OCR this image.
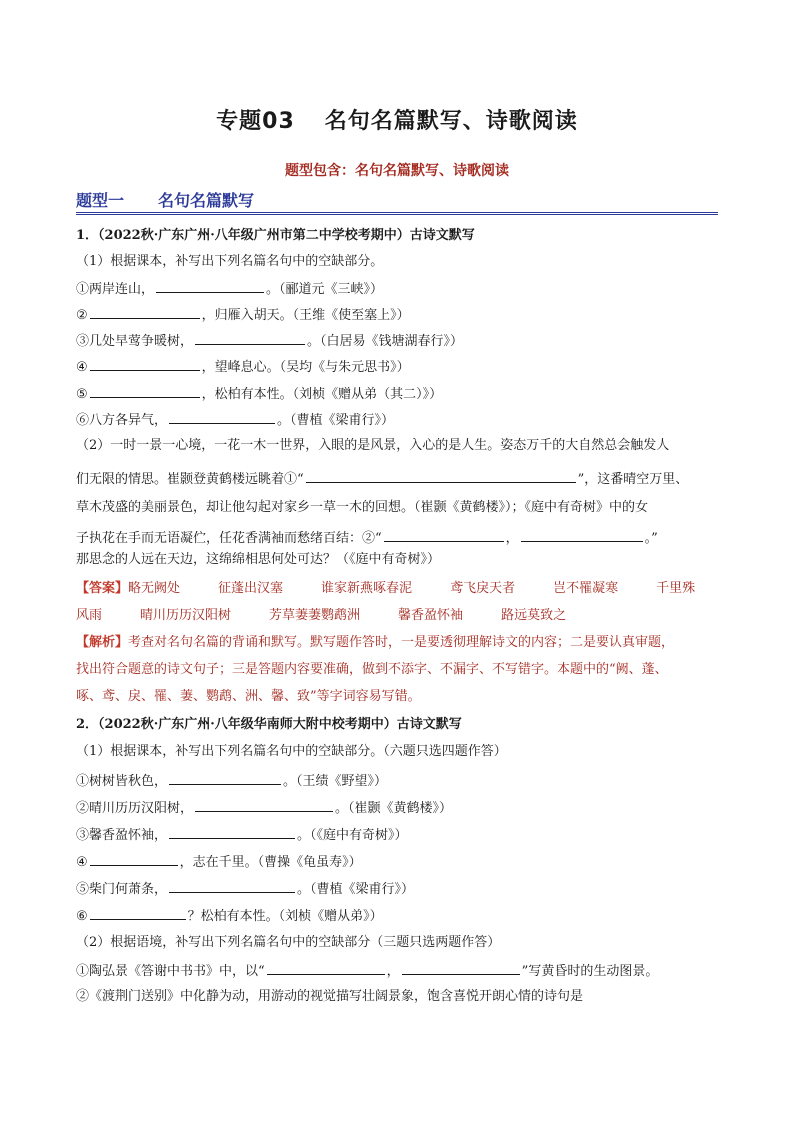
专题03 名句名篇默写、诗歌阅读
题型包含：名句名篇默写、诗歌阅读
题型一 名句名篇默写
1．（2022秋·广东广州·八年级广州市第二中学校考期中）古诗文默写
（1）根据课本，补写出下列名篇名句中的空缺部分。
①两岸连山，	。（郦道元《三峡》）
②	，归雁入胡天。（王维《使至塞上》）
③几处早莺争暖树，	。（白居易《钱塘湖春行》）
④	，望峰息心。（吴均《与朱元思书》）
⑤	，松柏有本性。（刘桢《赠从弟（其二）》）
⑥八方各异气，	。（曹植《梁甫行》）
（2）一时一景一心境，一花一木一世界，入眼的是风景，入心的是人生。姿态万千的大自然总会触发人
们无限的情思。崔颢登黄鹤楼远眺着①“	”，这番晴空万里、
草木茂盛的美丽景色，却让他勾起对家乡一草一木的回想。（崔颢《黄鹤楼》）；《庭中有奇树》中的女
子执花在手而无语凝伫，任花香满袖而愁绪百结：②“	，	。”
那思念的人远在天边，这绵绵相思何处可达？（《庭中有奇树》）
【答案】略无阙处	征蓬出汉塞	谁家新燕啄春泥	鸢飞戾天者	岂不罹凝寒	千里殊
风雨	晴川历历汉阳树	芳草萋萋鹦鹉洲	馨香盈怀袖	路远莫致之
【解析】考查对名句名篇的背诵和默写。默写题作答时，一是要透彻理解诗文的内容；二是要认真审题，
找出符合题意的诗文句子；三是答题内容要准确，做到不添字、不漏字、不写错字。本题中的“阙、蓬、
啄、鸢、戾、罹、萋、鹦鹉、洲、馨、致”等字词容易写错。
2．（2022秋·广东广州·八年级华南师大附中校考期中）古诗文默写
（1）根据课本，补写出下列名篇名句中的空缺部分。（六题只选四题作答）
①树树皆秋色，	。（王绩《野望》）
②晴川历历汉阳树，	。（崔颢《黄鹤楼》）
③馨香盈怀袖，	。（《庭中有奇树》）
④	，志在千里。（曹操《龟虽寿》）
⑤柴门何萧条，	。（曹植《梁甫行》）
⑥	？松柏有本性。（刘桢《赠从弟》）
（2）根据语境，补写出下列名篇名句中的空缺部分（三题只选两题作答）
①陶弘景《答谢中书书》中，以“	，	”写黄昏时的生动图景。
②《渡荆门送别》中化静为动，用游动的视觉描写壮阔景象，饱含喜悦开朗心情的诗句是
